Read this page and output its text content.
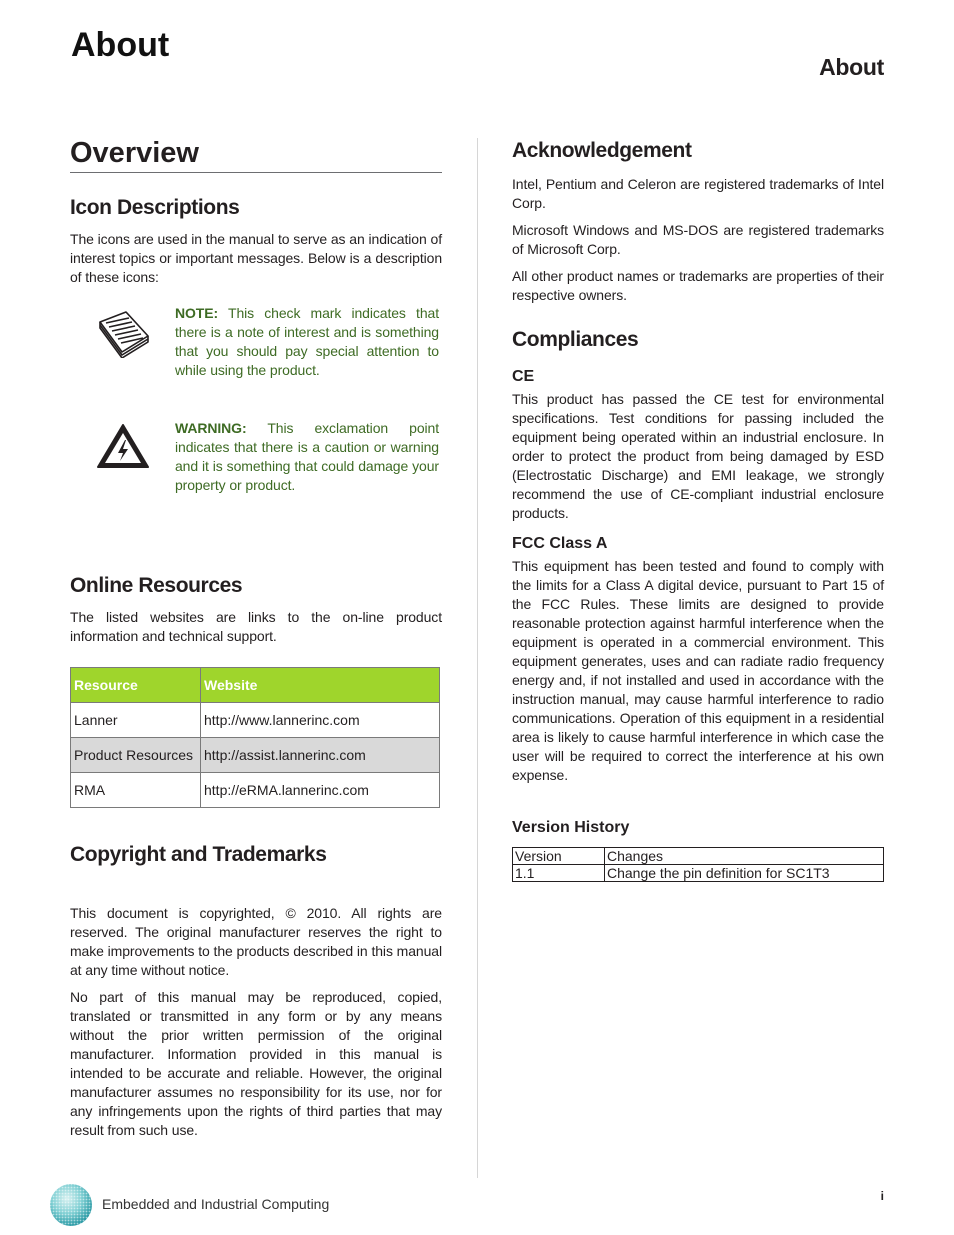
About
About
Overview
Icon Descriptions

The icons are used in the manual to serve as an indication of interest topics or important messages. Below is a description of these icons:

NOTE: This check mark indicates that there is a note of interest and is something that you should pay special attention to while using the product.

WARNING: This exclamation point indicates that there is a caution or warning and it is something that could damage your property or product.

Online Resources

The listed websites are links to the on-line product information and technical support.

Resource	Website
Lanner	http://www.lannerinc.com
Product Resources	http://assist.lannerinc.com
RMA	http://eRMA.lannerinc.com
Copyright and Trademarks

This document is copyrighted, © 2010. All rights are reserved. The original manufacturer reserves the right to make improvements to the products described in this manual at any time without notice.

No part of this manual may be reproduced, copied, translated or transmitted in any form or by any means without the prior written permission of the original manufacturer. Information provided in this manual is intended to be accurate and reliable. However, the original manufacturer assumes no responsibility for its use, nor for any infringements upon the rights of third parties that may result from such use.

Acknowledgement

Intel, Pentium and Celeron are registered trademarks of Intel Corp.

Microsoft Windows and MS-DOS are registered trademarks of Microsoft Corp.

All other product names or trademarks are properties of their respective owners.

Compliances
CE

This product has passed the CE test for environmental specifications. Test conditions for passing included the equipment being operated within an industrial enclosure. In order to protect the product from being damaged by ESD (Electrostatic Discharge) and EMI leakage, we strongly recommend the use of CE-compliant industrial enclosure products.

FCC Class A

This equipment has been tested and found to comply with the limits for a Class A digital device, pursuant to Part 15 of the FCC Rules. These limits are designed to provide reasonable protection against harmful interference when the equipment is operated in a commercial environment. This equipment generates, uses and can radiate radio frequency energy and, if not installed and used in accordance with the instruction manual, may cause harmful interference to radio communications. Operation of this equipment in a residential area is likely to cause harmful interference in which case the user will be required to correct the interference at his own expense.

Version History
Version	Changes
1.1	Change the pin definition for SC1T3
Embedded and Industrial Computing	i
